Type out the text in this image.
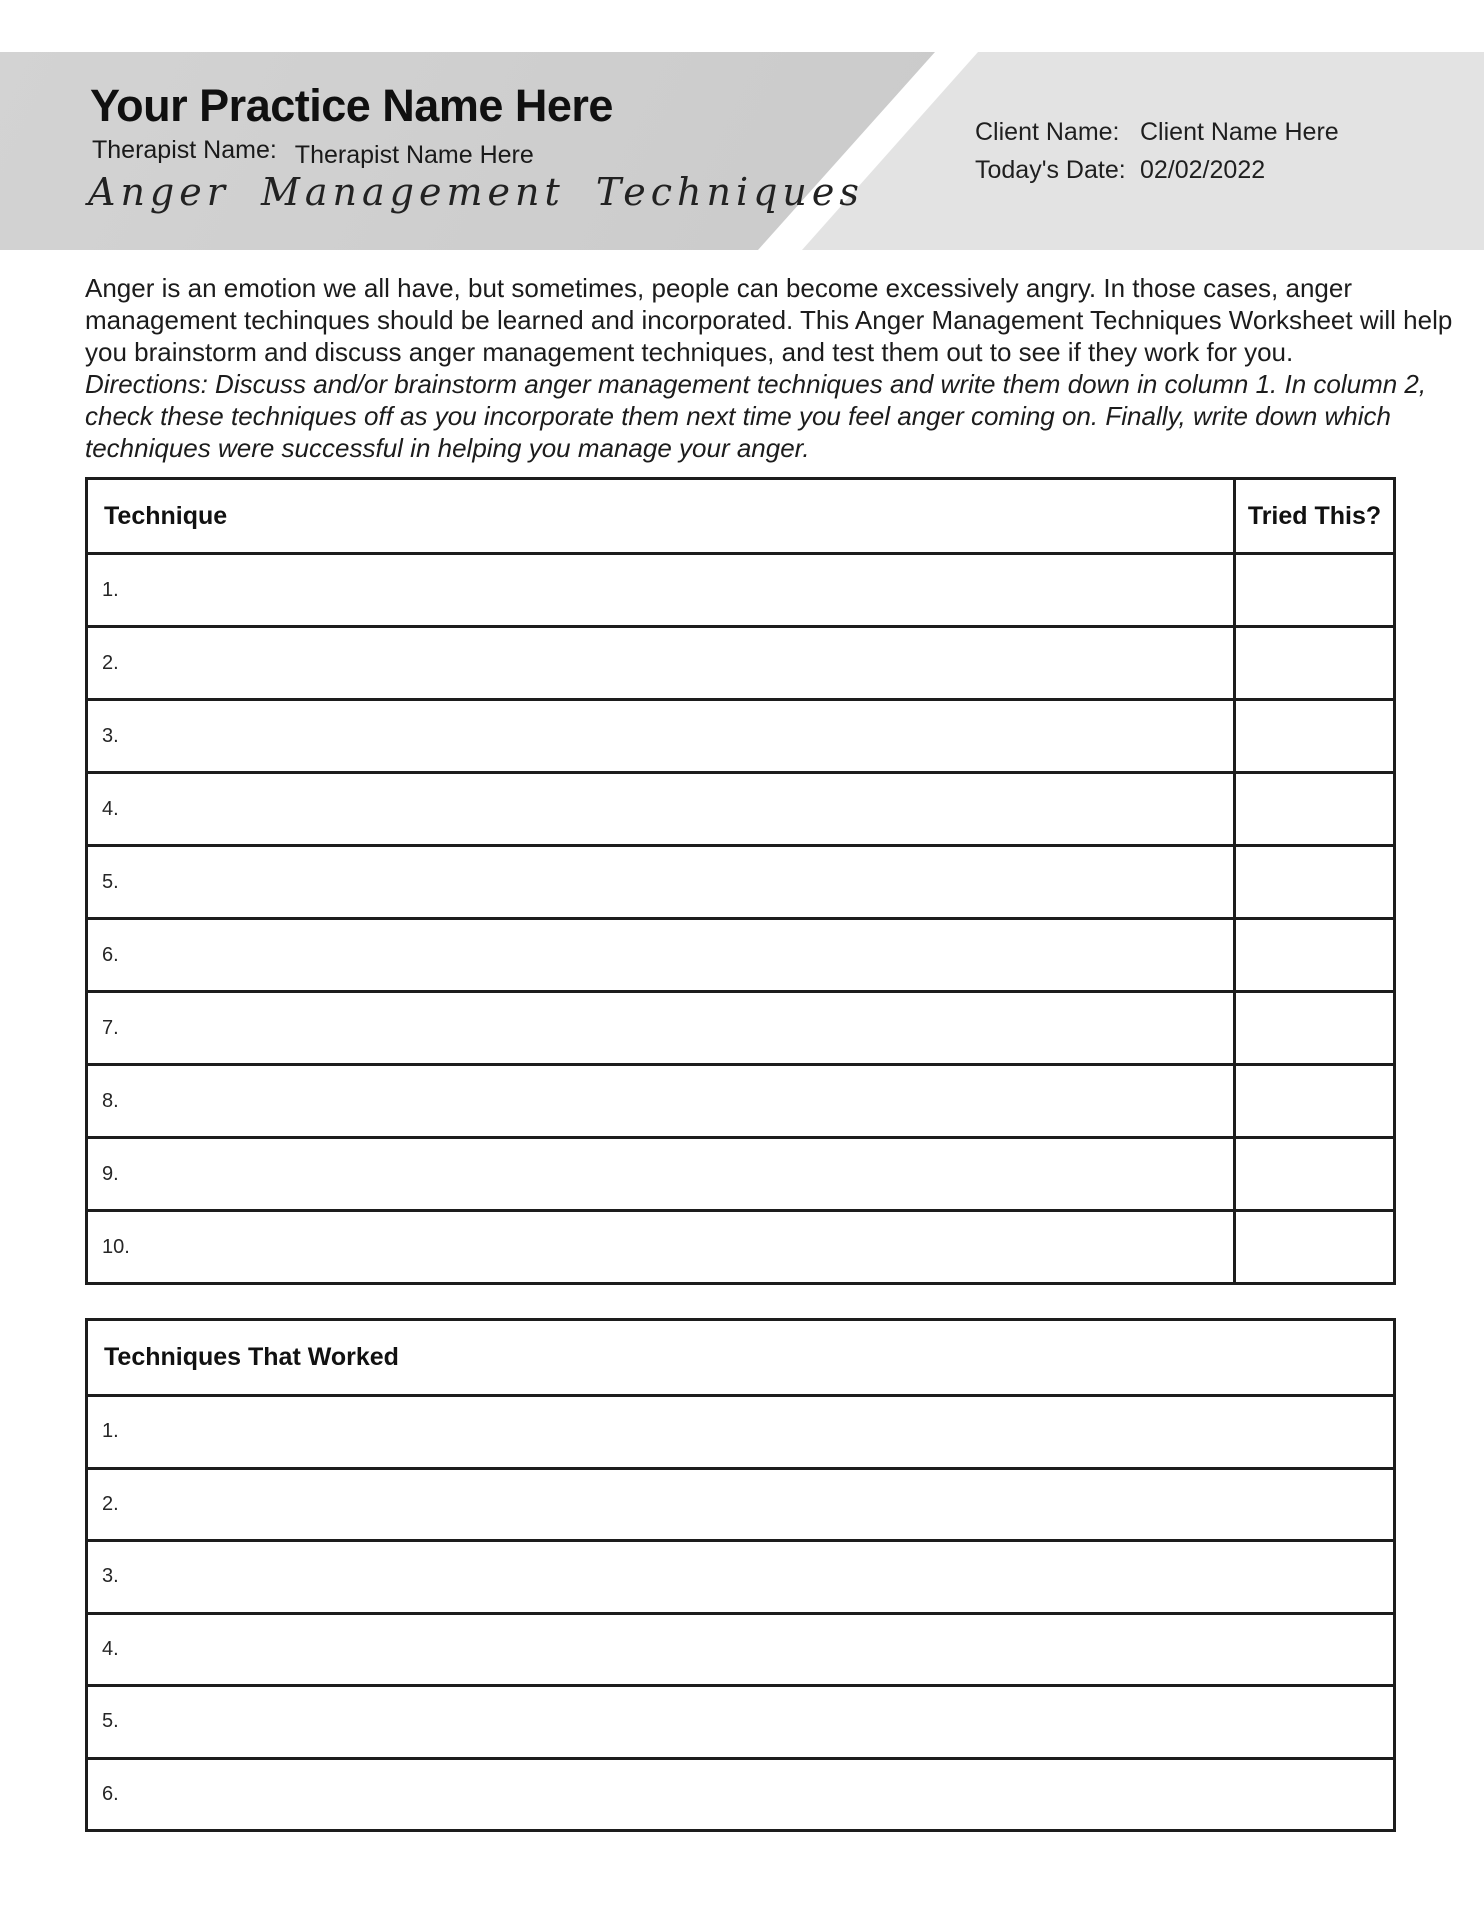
Your Practice Name Here
Therapist Name: Therapist Name Here
Anger Management Techniques
Client Name: Client Name Here
Today's Date: 02/02/2022
Anger is an emotion we all have, but sometimes, people can become excessively angry. In those cases, anger
management techinques should be learned and incorporated. This Anger Management Techniques Worksheet will help
you brainstorm and discuss anger management techniques, and test them out to see if they work for you.
Directions: Discuss and/or brainstorm anger management techniques and write them down in column 1. In column 2,
check these techniques off as you incorporate them next time you feel anger coming on. Finally, write down which
techniques were successful in helping you manage your anger.
Technique	Tried This?
1.
2.
3.
4.
5.
6.
7.
8.
9.
10.
Techniques That Worked
1.
2.
3.
4.
5.
6.
